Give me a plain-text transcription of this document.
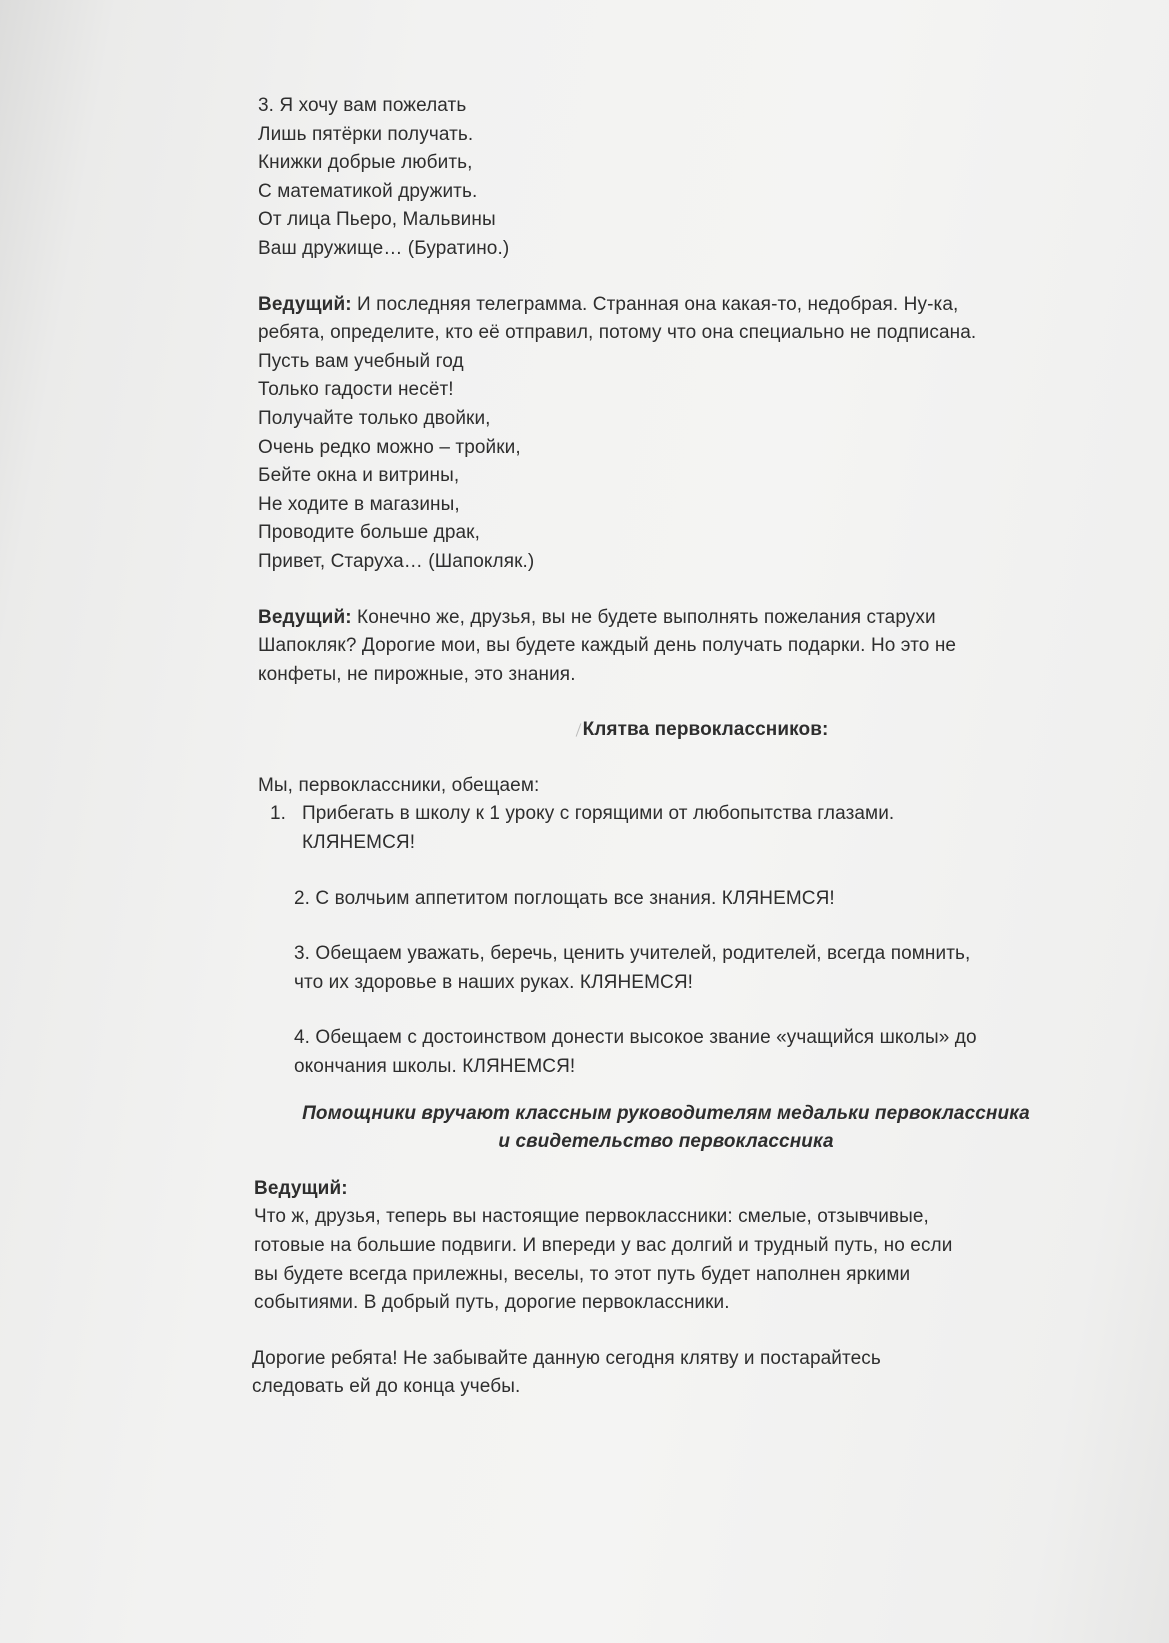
3. Я хочу вам пожелать
Лишь пятёрки получать.
Книжки добрые любить,
С математикой дружить.
От лица Пьеро, Мальвины
Ваш дружище… (Буратино.)
Ведущий: И последняя телеграмма. Странная она какая-то, недобрая. Ну-ка,
ребята, определите, кто её отправил, потому что она специально не подписана.
Пусть вам учебный год
Только гадости несёт!
Получайте только двойки,
Очень редко можно – тройки,
Бейте окна и витрины,
Не ходите в магазины,
Проводите больше драк,
Привет, Старуха… (Шапокляк.)
Ведущий: Конечно же, друзья, вы не будете выполнять пожелания старухи
Шапокляк? Дорогие мои, вы будете каждый день получать подарки. Но это не
конфеты, не пирожные, это знания.
Клятва первоклассников:
Мы, первоклассники, обещаем:
1. Прибегать в школу к 1 уроку с горящими от любопытства глазами.
КЛЯНЕМСЯ!
2. С волчьим аппетитом поглощать все знания. КЛЯНЕМСЯ!
3. Обещаем уважать, беречь, ценить учителей, родителей, всегда помнить,
что их здоровье в наших руках. КЛЯНЕМСЯ!
4. Обещаем с достоинством донести высокое звание «учащийся школы» до
окончания школы. КЛЯНЕМСЯ!
Помощники вручают классным руководителям медальки первоклассника
и свидетельство первоклассника
Ведущий:
Что ж, друзья, теперь вы настоящие первоклассники: смелые, отзывчивые,
готовые на большие подвиги. И впереди у вас долгий и трудный путь, но если
вы будете всегда прилежны, веселы, то этот путь будет наполнен яркими
событиями. В добрый путь, дорогие первоклассники.
Дорогие ребята! Не забывайте данную сегодня клятву и постарайтесь
следовать ей до конца учебы.
